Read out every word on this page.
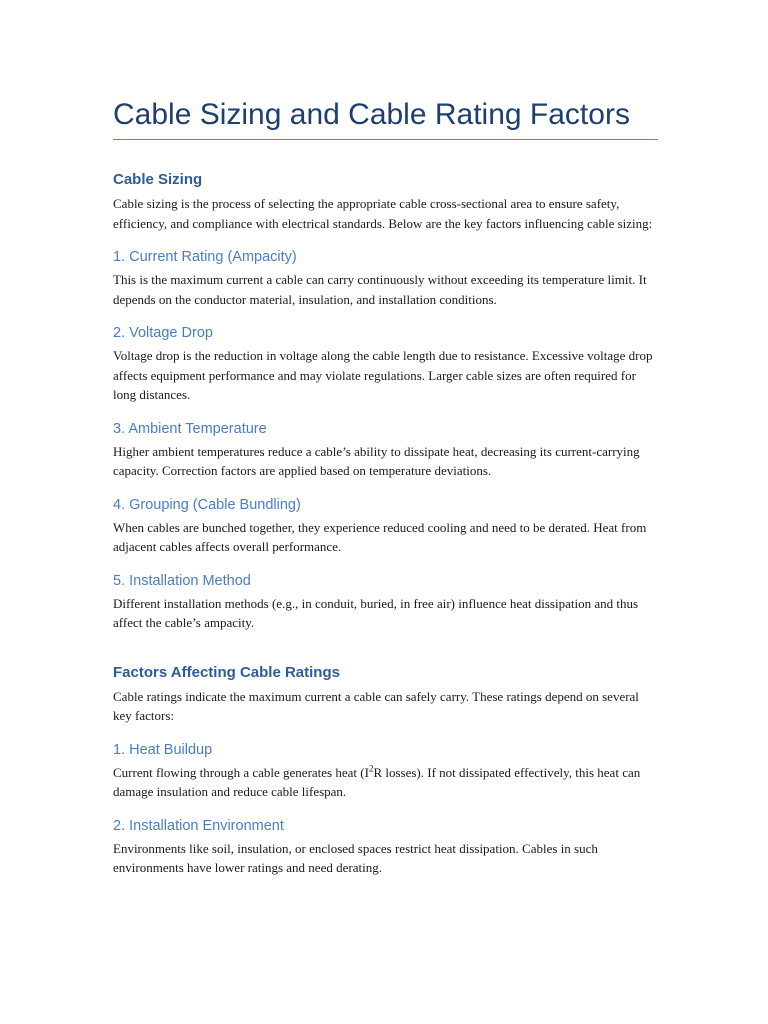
Cable Sizing and Cable Rating Factors
Cable Sizing

Cable sizing is the process of selecting the appropriate cable cross-sectional area to ensure safety, efficiency, and compliance with electrical standards. Below are the key factors influencing cable sizing:

1. Current Rating (Ampacity)

This is the maximum current a cable can carry continuously without exceeding its temperature limit. It depends on the conductor material, insulation, and installation conditions.

2. Voltage Drop

Voltage drop is the reduction in voltage along the cable length due to resistance. Excessive voltage drop affects equipment performance and may violate regulations. Larger cable sizes are often required for long distances.

3. Ambient Temperature

Higher ambient temperatures reduce a cable’s ability to dissipate heat, decreasing its current-carrying capacity. Correction factors are applied based on temperature deviations.

4. Grouping (Cable Bundling)

When cables are bunched together, they experience reduced cooling and need to be derated. Heat from adjacent cables affects overall performance.

5. Installation Method

Different installation methods (e.g., in conduit, buried, in free air) influence heat dissipation and thus affect the cable’s ampacity.

Factors Affecting Cable Ratings

Cable ratings indicate the maximum current a cable can safely carry. These ratings depend on several key factors:

1. Heat Buildup

Current flowing through a cable generates heat ($I^2R$ losses). If not dissipated effectively, this heat can damage insulation and reduce cable lifespan.

2. Installation Environment

Environments like soil, insulation, or enclosed spaces restrict heat dissipation. Cables in such environments have lower ratings and need derating.
